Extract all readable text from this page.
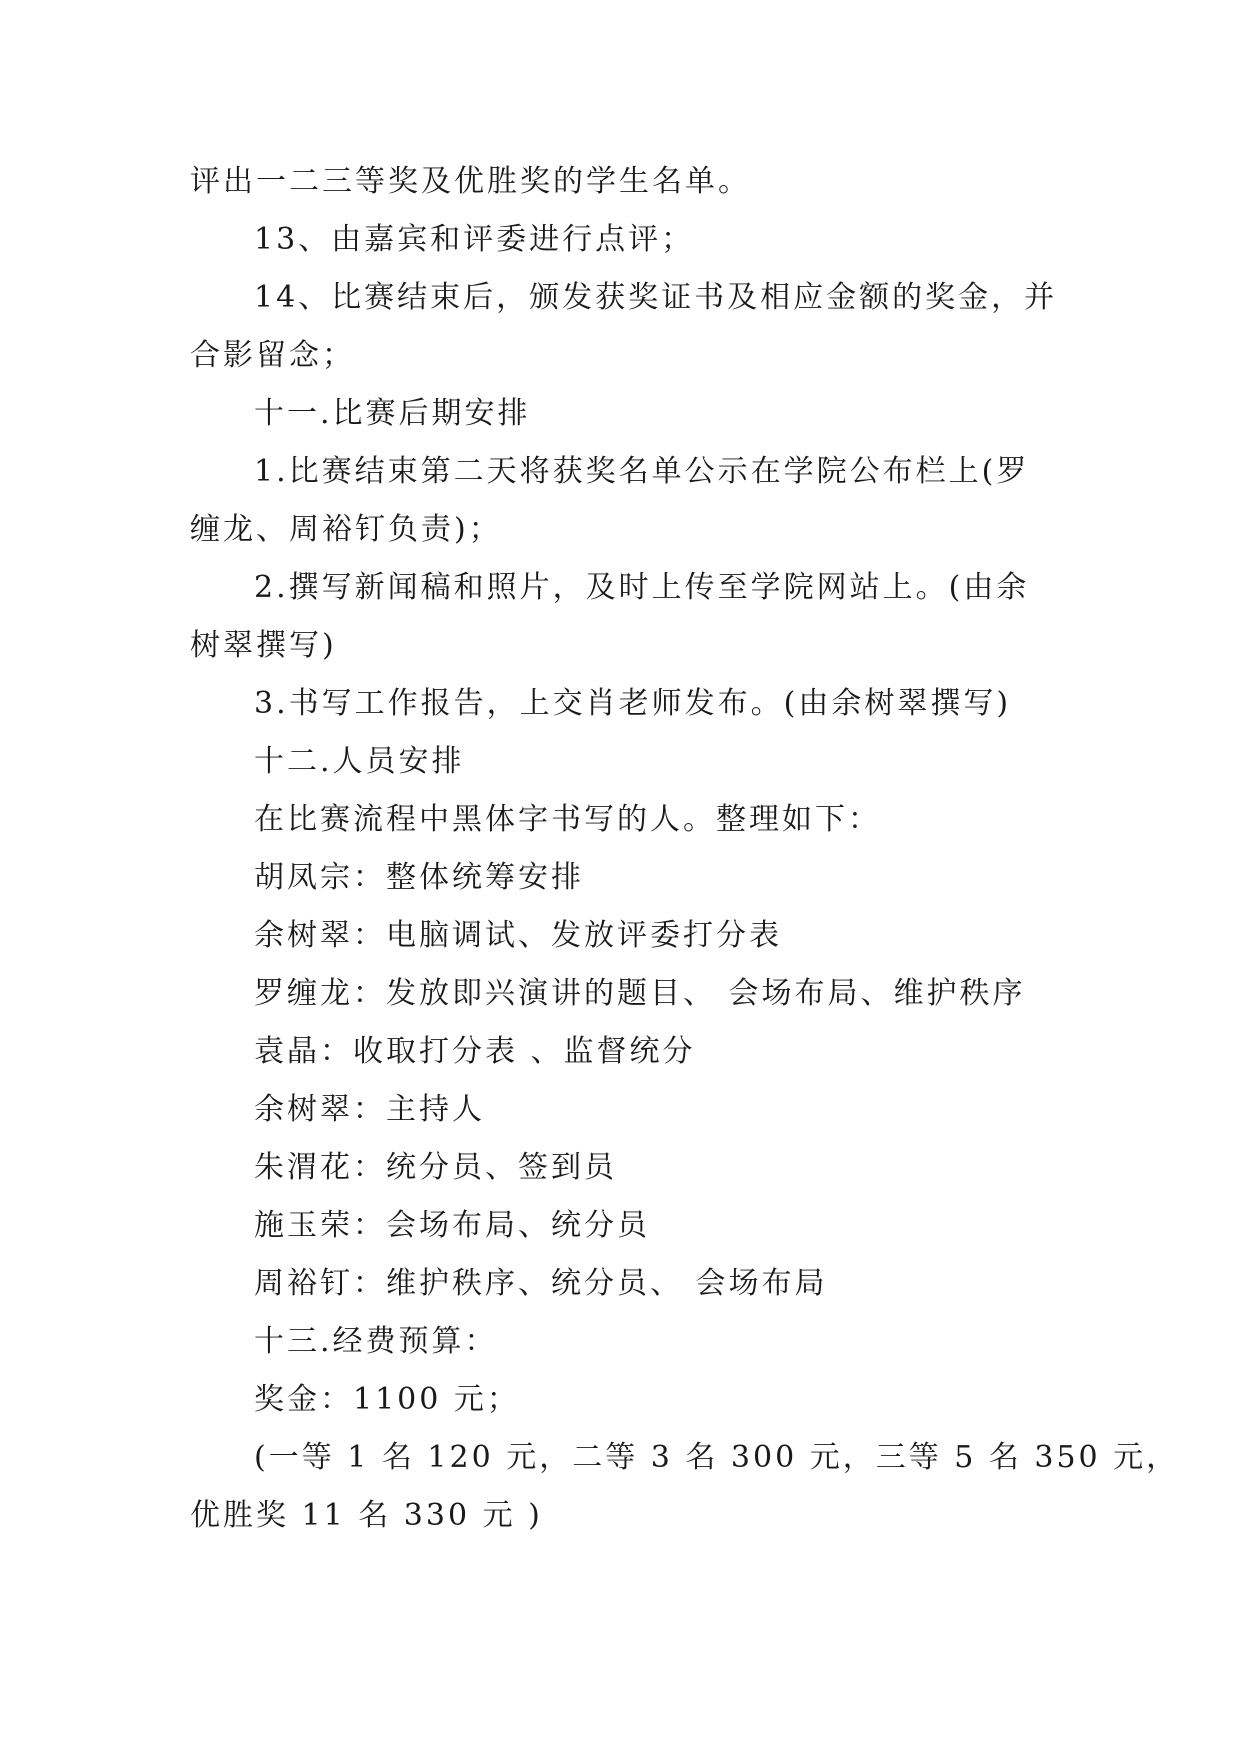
评出一二三等奖及优胜奖的学生名单。
13、由嘉宾和评委进行点评；
14、比赛结束后，颁发获奖证书及相应金额的奖金，并
合影留念；
十一.比赛后期安排
1.比赛结束第二天将获奖名单公示在学院公布栏上(罗
缠龙、周裕钉负责)；
2.撰写新闻稿和照片，及时上传至学院网站上。(由余
树翠撰写)
3.书写工作报告，上交肖老师发布。(由余树翠撰写)
十二.人员安排
在比赛流程中黑体字书写的人。整理如下：
胡凤宗：整体统筹安排
余树翠：电脑调试、发放评委打分表
罗缠龙：发放即兴演讲的题目、 会场布局、维护秩序
袁晶：收取打分表 、监督统分
余树翠：主持人
朱渭花：统分员、签到员
施玉荣：会场布局、统分员
周裕钉：维护秩序、统分员、 会场布局
十三.经费预算：
奖金：1100 元；
(一等 1 名 120 元，二等 3 名 300 元，三等 5 名 350 元，
优胜奖 11 名 330 元 )
